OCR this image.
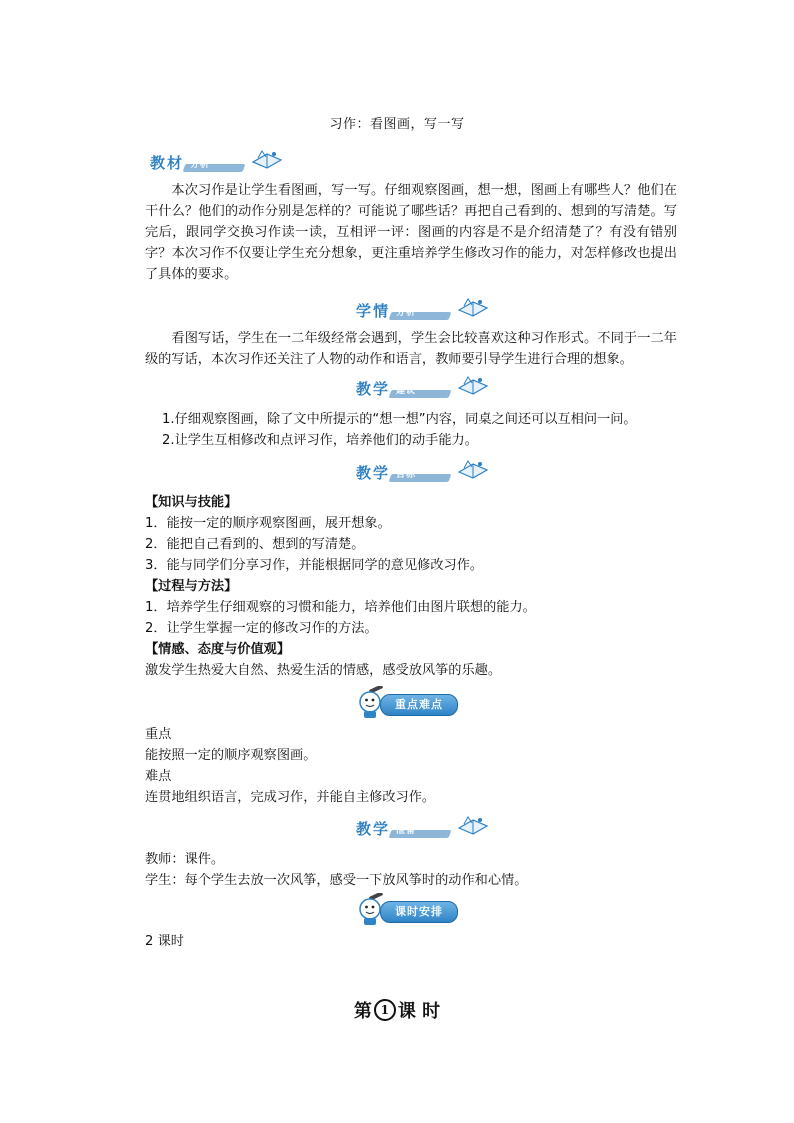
习作：看图画，写一写
教材 分析

本次习作是让学生看图画，写一写。仔细观察图画，想一想，图画上有哪些人？他们在干什么？他们的动作分别是怎样的？可能说了哪些话？再把自己看到的、想到的写清楚。写完后，跟同学交换习作读一读，互相评一评：图画的内容是不是介绍清楚了？有没有错别字？本次习作不仅要让学生充分想象，更注重培养学生修改习作的能力，对怎样修改也提出了具体的要求。

学情 分析

看图写话，学生在一二年级经常会遇到，学生会比较喜欢这种习作形式。不同于一二年级的写话，本次习作还关注了人物的动作和语言，教师要引导学生进行合理的想象。

教学 建议
1.仔细观察图画，除了文中所提示的“想一想”内容，同桌之间还可以互相问一问。
2.让学生互相修改和点评习作，培养他们的动手能力。
教学 目标
【知识与技能】
1．能按一定的顺序观察图画，展开想象。
2．能把自己看到的、想到的写清楚。
3．能与同学们分享习作，并能根据同学的意见修改习作。
【过程与方法】
1．培养学生仔细观察的习惯和能力，培养他们由图片联想的能力。
2．让学生掌握一定的修改习作的方法。
【情感、态度与价值观】
激发学生热爱大自然、热爱生活的情感，感受放风筝的乐趣。
重点难点
重点
能按照一定的顺序观察图画。
难点
连贯地组织语言，完成习作，并能自主修改习作。
教学 准备
教师：课件。
学生：每个学生去放一次风筝，感受一下放风筝时的动作和心情。
课时安排
2 课时
第 1 课 时
